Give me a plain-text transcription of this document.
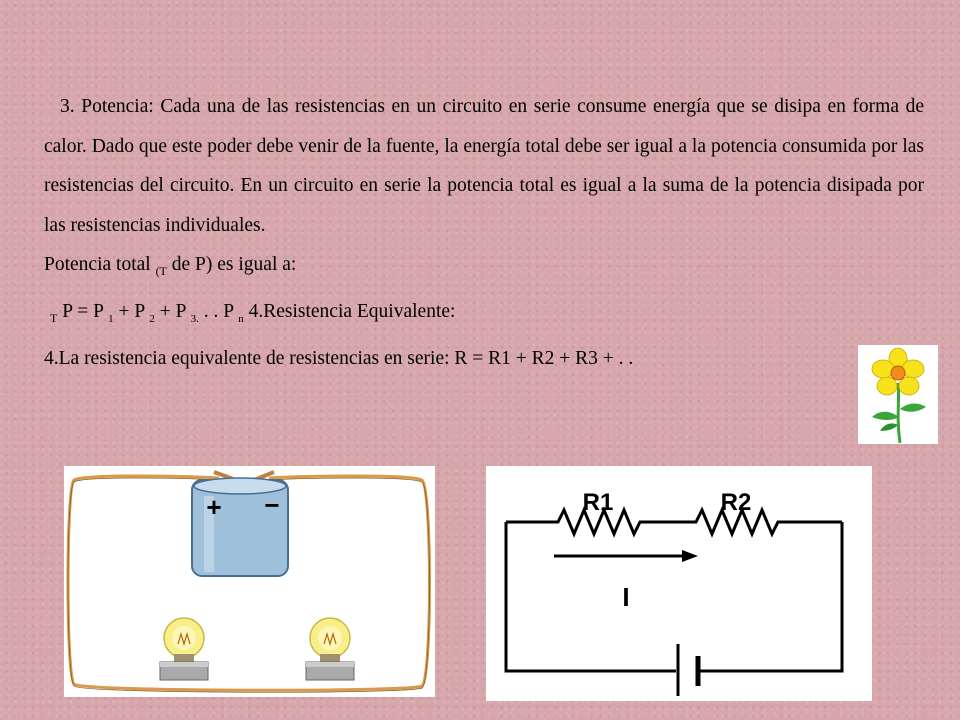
3. Potencia: Cada una de las resistencias en un circuito en serie consume energía que se disipa en forma de calor. Dado que este poder debe venir de la fuente, la energía total debe ser igual a la potencia consumida por las resistencias del circuito. En un circuito en serie la potencia total es igual a la suma de la potencia disipada por las resistencias individuales.
Potencia total $_{(T}$ de P) es igual a:
$_T$ P = P $_1$ + P $_2$ + P $_{3.}$ . . P $_n$ 4.Resistencia Equivalente:
4.La resistencia equivalente de resistencias en serie: R = R1 + R2 + R3 + . .
+ −	R1	R2
I
